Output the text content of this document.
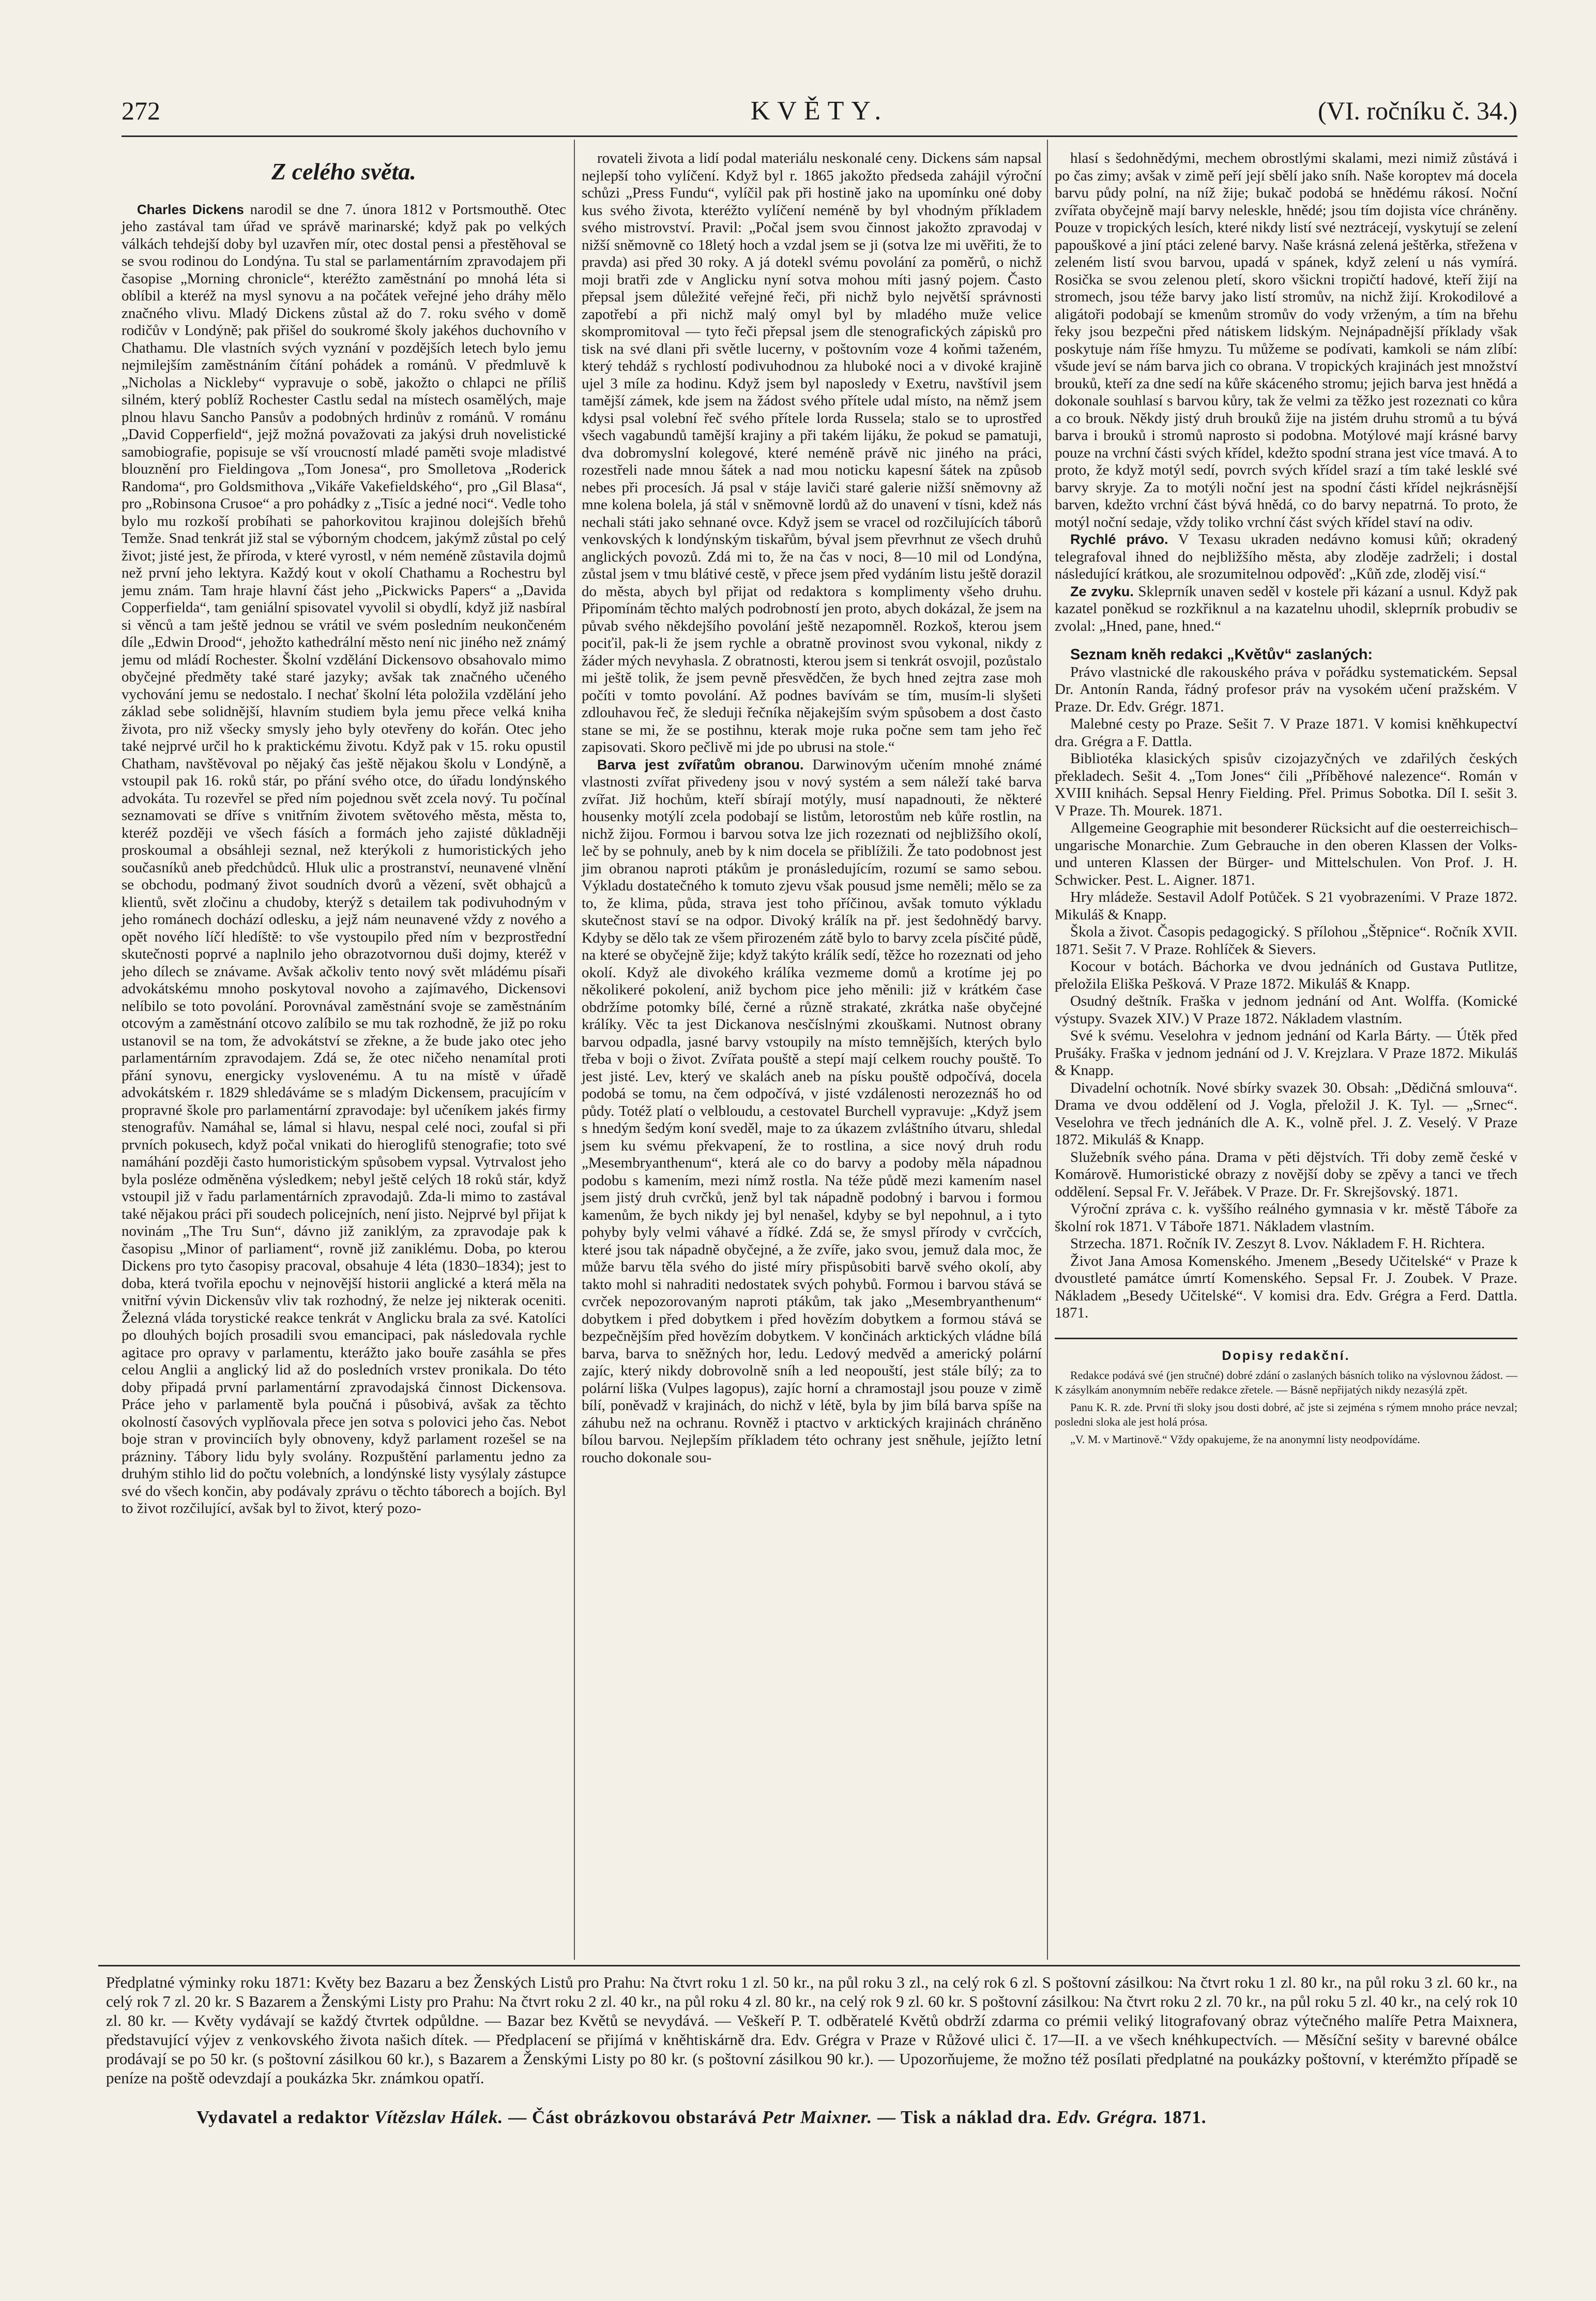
272	KVĚTY.	(VI. ročníku č. 34.)
Z celého světa.

Charles Dickens narodil se dne 7. února 1812 v Portsmouthě. Otec jeho zastával tam úřad ve správě marinarské; když pak po velkých válkách tehdejší doby byl uzavřen mír, otec dostal pensi a přestěhoval se se svou rodinou do Londýna. Tu stal se parlamentárním zpravodajem při časopise „Morning chronicle“, kteréžto zaměstnání po mnohá léta si oblíbil a kteréž na mysl synovu a na počátek veřejné jeho dráhy mělo značného vlivu. Mladý Dickens zůstal až do 7. roku svého v domě rodičův v Londýně; pak přišel do soukromé školy jakéhos duchovního v Chathamu. Dle vlastních svých vyznání v pozdějších letech bylo jemu nejmilejším zaměstnáním čítání pohádek a románů. V předmluvě k „Nicholas a Nickleby“ vypravuje o sobě, jakožto o chlapci ne příliš silném, který poblíž Rochester Castlu sedal na místech osamělých, maje plnou hlavu Sancho Pansův a podobných hrdinův z románů. V románu „David Copperfield“, jejž možná považovati za jakýsi druh novelistické samobiografie, popisuje se vší vroucností mladé paměti svoje mladistvé blouznění pro Fieldingova „Tom Jonesa“, pro Smolletova „Roderick Randoma“, pro Goldsmithova „Vikáře Vakefieldského“, pro „Gil Blasa“, pro „Robinsona Crusoe“ a pro pohádky z „Tisíc a jedné noci“. Vedle toho bylo mu rozkoší probíhati se pahorkovitou krajinou dolejších břehů Temže. Snad tenkrát již stal se výborným chodcem, jakýmž zůstal po celý život; jisté jest, že příroda, v které vyrostl, v ném neméně zůstavila dojmů než první jeho lektyra. Každý kout v okolí Chathamu a Rochestru byl jemu znám. Tam hraje hlavní část jeho „Pickwicks Papers“ a „Davida Copperfielda“, tam geniální spisovatel vyvolil si obydlí, když již nasbíral si věnců a tam ještě jednou se vrátil ve svém posledním neukončeném díle „Edwin Drood“, jehožto kathedrální město není nic jiného než známý jemu od mládí Rochester. Školní vzdělání Dickensovo obsahovalo mimo obyčejné předměty také staré jazyky; avšak tak značného učeného vychování jemu se nedostalo. I nechať školní léta položila vzdělání jeho základ sebe solidnější, hlavním studiem byla jemu přece velká kniha života, pro niž všecky smysly jeho byly otevřeny do kořán. Otec jeho také nejprvé určil ho k praktickému životu. Když pak v 15. roku opustil Chatham, navštěvoval po nějaký čas ještě nějakou školu v Londýně, a vstoupil pak 16. roků stár, po přání svého otce, do úřadu londýnského advokáta. Tu rozevřel se před ním pojednou svět zcela nový. Tu počínal seznamovati se dříve s vnitřním životem světového města, města to, kteréž později ve všech fásích a formách jeho zajisté důkladněji proskoumal a obsáhleji seznal, než kterýkoli z humoristických jeho současníků aneb předchůdců. Hluk ulic a prostranství, neunavené vlnění se obchodu, podmaný život soudních dvorů a vězení, svět obhajců a klientů, svět zločinu a chudoby, kterýž s detailem tak podivuhodným v jeho románech dochází odlesku, a jejž nám neunavené vždy z nového a opět nového líčí hledíště: to vše vystoupilo před ním v bezprostřední skutečnosti poprvé a naplnilo jeho obrazotvornou duši dojmy, kteréž v jeho dílech se znávame. Avšak ačkoliv tento nový svět mládému písaři advokátskému mnoho poskytoval novoho a zajímavého, Dickensovi nelíbilo se toto povolání. Porovnával zaměstnání svoje se zaměstnáním otcovým a zaměstnání otcovo zalíbilo se mu tak rozhodně, že již po roku ustanovil se na tom, že advokátství se zřekne, a že bude jako otec jeho parlamentárním zpravodajem. Zdá se, že otec ničeho nenamítal proti přání synovu, energicky vyslovenému. A tu na místě v úřadě advokátském r. 1829 shledáváme se s mladým Dickensem, pracujícím v propravné škole pro parlamentární zpravodaje: byl učeníkem jakés firmy stenografův. Namáhal se, lámal si hlavu, nespal celé noci, zoufal si při prvních pokusech, když počal vnikati do hieroglifů stenografie; toto své namáhání později často humoristickým spůsobem vypsal. Vytrvalost jeho byla posléze odměněna výsledkem; nebyl ještě celých 18 roků stár, když vstoupil již v řadu parlamentárních zpravodajů. Zda-li mimo to zastával také nějakou práci při soudech policejních, není jisto. Nejprvé byl přijat k novinám „The Tru Sun“, dávno již zaniklým, za zpravodaje pak k časopisu „Minor of parliament“, rovně již zaniklému. Doba, po kterou Dickens pro tyto časopisy pracoval, obsahuje 4 léta (1830–1834); jest to doba, která tvořila epochu v nejnovější historii anglické a která měla na vnitřní vývin Dickensův vliv tak rozhodný, že nelze jej nikterak oceniti. Železná vláda torystické reakce tenkrát v Anglicku brala za své. Katolíci po dlouhých bojích prosadili svou emancipaci, pak následovala rychle agitace pro opravy v parlamentu, kterážto jako bouře zasáhla se přes celou Anglii a anglický lid až do posledních vrstev pronikala. Do této doby připadá první parlamentární zpravodajská činnost Dickensova. Práce jeho v parlamentě byla poučná i působivá, avšak za těchto okolností časových vyplňovala přece jen sotva s polovici jeho čas. Nebot boje stran v provinciích byly obnoveny, když parlament rozešel se na prázniny. Tábory lidu byly svolány. Rozpuštění parlamentu jedno za druhým stihlo lid do počtu volebních, a londýnské listy vysýlaly zástupce své do všech končin, aby podávaly zprávu o těchto táborech a bojích. Byl to život rozčilující, avšak byl to život, který pozo-

rovateli života a lidí podal materiálu neskonalé ceny. Dickens sám napsal nejlepší toho vylíčení. Když byl r. 1865 jakožto předseda zahájil výroční schůzi „Press Fundu“, vylíčil pak při hostině jako na upomínku oné doby kus svého života, kteréžto vylíčení neméně by byl vhodným příkladem svého mistrovství. Pravil: „Počal jsem svou činnost jakožto zpravodaj v nižší sněmovně co 18letý hoch a vzdal jsem se ji (sotva lze mi uvěřiti, že to pravda) asi před 30 roky. A já dotekl svému povolání za poměrů, o nichž moji bratři zde v Anglicku nyní sotva mohou míti jasný pojem. Často přepsal jsem důležité veřejné řeči, při nichž bylo největší správnosti zapotřebí a při nichž malý omyl byl by mladého muže velice skompromitoval — tyto řeči přepsal jsem dle stenografických zápisků pro tisk na své dlani při světle lucerny, v poštovním voze 4 koňmi taženém, který tehdáž s rychlostí podivuhodnou za hluboké noci a v divoké krajině ujel 3 míle za hodinu. Když jsem byl naposledy v Exetru, navštívil jsem tamější zámek, kde jsem na žádost svého přítele udal místo, na němž jsem kdysi psal volební řeč svého přítele lorda Russela; stalo se to uprostřed všech vagabundů tamější krajiny a při takém lijáku, že pokud se pamatuji, dva dobromyslní kolegové, které neméně právě nic jiného na práci, rozestřeli nade mnou šátek a nad mou noticku kapesní šátek na způsob nebes při procesích. Já psal v stáje laviči staré galerie nižší sněmovny až mne kolena bolela, já stál v sněmovně lordů až do unavení v tísni, kdež nás nechali státi jako sehnané ovce. Když jsem se vracel od rozčilujících táborů venkovských k londýnským tiskařům, býval jsem převrhnut ze všech druhů anglických povozů. Zdá mi to, že na čas v noci, 8—10 mil od Londýna, zůstal jsem v tmu blátivé cestě, v přece jsem před vydáním listu ještě dorazil do města, abych byl přijat od redaktora s komplimenty všeho druhu. Připomínám těchto malých podrobností jen proto, abych dokázal, že jsem na půvab svého někdejšího povolání ještě nezapomněl. Rozkoš, kterou jsem pociťil, pak-li že jsem rychle a obratně provinost svou vykonal, nikdy z žáder mých nevyhasla. Z obratnosti, kterou jsem si tenkrát osvojil, pozůstalo mi ještě tolik, že jsem pevně přesvědčen, že bych hned zejtra zase moh počíti v tomto povolání. Až podnes bavívám se tím, musím-li slyšeti zdlouhavou řeč, že sleduji řečníka nějakejším svým spůsobem a dost často stane se mi, že se postihnu, kterak moje ruka počne sem tam jeho řeč zapisovati. Skoro pečlivě mi jde po ubrusi na stole.“

Barva jest zvířatům obranou. Darwinovým učením mnohé známé vlastnosti zvířat přivedeny jsou v nový systém a sem náleží také barva zvířat. Již hochům, kteří sbírají motýly, musí napadnouti, že některé housenky motýlí zcela podobají se listům, letorostům neb kůře rostlin, na nichž žijou. Formou i barvou sotva lze jich rozeznati od nejbližšího okolí, leč by se pohnuly, aneb by k nim docela se přiblížili. Že tato podobnost jest jim obranou naproti ptákům je pronásledujícím, rozumí se samo sebou. Výkladu dostatečného k tomuto zjevu však pousud jsme neměli; mělo se za to, že klima, půda, strava jest toho příčinou, avšak tomuto výkladu skutečnost staví se na odpor. Divoký králík na př. jest šedohnědý barvy. Kdyby se dělo tak ze všem přirozeném zátě bylo to barvy zcela písčité půdě, na které se obyčejně žije; když takýto králík sedí, těžce ho rozeznati od jeho okolí. Když ale divokého králíka vezmeme domů a krotíme jej po několikeré pokolení, aniž bychom pice jeho měnili: již v krátkém čase obdržíme potomky bílé, černé a různě strakaté, zkrátka naše obyčejné králíky. Věc ta jest Dickanova nesčíslnými zkouškami. Nutnost obrany barvou odpadla, jasné barvy vstoupily na místo temnějších, kterých bylo třeba v boji o život. Zvířata pouště a stepí mají celkem rouchy pouště. To jest jisté. Lev, který ve skalách aneb na písku pouště odpočívá, docela podobá se tomu, na čem odpočívá, v jisté vzdálenosti nerozeznáš ho od půdy. Totéž platí o velbloudu, a cestovatel Burchell vypravuje: „Když jsem s hnedým šedým koní sveděl, maje to za úkazem zvláštního útvaru, shledal jsem ku svému překvapení, že to rostlina, a sice nový druh rodu „Mesembryanthenum“, která ale co do barvy a podoby měla nápadnou podobu s kamením, mezi nímž rostla. Na téže půdě mezi kamením nasel jsem jistý druh cvrčků, jenž byl tak nápadně podobný i barvou i formou kamenům, že bych nikdy jej byl nenašel, kdyby se byl nepohnul, a i tyto pohyby byly velmi váhavé a řídké. Zdá se, že smysl přírody v cvrčcích, které jsou tak nápadně obyčejné, a že zvíře, jako svou, jemuž dala moc, že může barvu těla svého do jisté míry přispůsobiti barvě svého okolí, aby takto mohl si nahraditi nedostatek svých pohybů. Formou i barvou stává se cvrček nepozorovaným naproti ptákům, tak jako „Mesembryanthenum“ dobytkem i před dobytkem i před hovězím dobytkem a formou stává se bezpečnějším před hovězím dobytkem. V končinách arktických vládne bílá barva, barva to sněžných hor, ledu. Ledový medvěd a americký polární zajíc, který nikdy dobrovolně sníh a led neopouští, jest stále bílý; za to polární liška (Vulpes lagopus), zajíc horní a chramostajl jsou pouze v zimě bílí, poněvadž v krajinách, do nichž v létě, byla by jim bílá barva spíše na záhubu než na ochranu. Rovněž i ptactvo v arktických krajinách chráněno bílou barvou. Nejlepším příkladem této ochrany jest sněhule, jejížto letní roucho dokonale sou-

hlasí s šedohnědými, mechem obrostlými skalami, mezi nimiž zůstává i po čas zimy; avšak v zimě peří její sbělí jako sníh. Naše koroptev má docela barvu půdy polní, na níž žije; bukač podobá se hnědému rákosí. Noční zvířata obyčejně mají barvy neleskle, hnědé; jsou tím dojista více chráněny. Pouze v tropických lesích, které nikdy listí své neztrácejí, vyskytují se zelení papouškové a jiní ptáci zelené barvy. Naše krásná zelená ještěrka, střežena v zeleném listí svou barvou, upadá v spánek, když zelení u nás vymírá. Rosička se svou zelenou pletí, skoro všickni tropičtí hadové, kteří žijí na stromech, jsou téže barvy jako listí stromův, na nichž žijí. Krokodilové a aligátoři podobají se kmenům stromův do vody vrženým, a tím na břehu řeky jsou bezpečni před nátiskem lidským. Nejnápadnější příklady však poskytuje nám říše hmyzu. Tu můžeme se podívati, kamkoli se nám zlíbí: všude jeví se nám barva jich co obrana. V tropických krajinách jest množství brouků, kteří za dne sedí na kůře skáceného stromu; jejich barva jest hnědá a dokonale souhlasí s barvou kůry, tak že velmi za těžko jest rozeznati co kůra a co brouk. Někdy jistý druh brouků žije na jistém druhu stromů a tu bývá barva i brouků i stromů naprosto si podobna. Motýlové mají krásné barvy pouze na vrchní části svých křídel, kdežto spodní strana jest více tmavá. A to proto, že když motýl sedí, povrch svých křídel srazí a tím také lesklé své barvy skryje. Za to motýli noční jest na spodní části křídel nejkrásnější barven, kdežto vrchní část bývá hnědá, co do barvy nepatrná. To proto, že motýl noční sedaje, vždy toliko vrchní část svých křídel staví na odiv.

Rychlé právo. V Texasu ukraden nedávno komusi kůň; okradený telegrafoval ihned do nejbližšího města, aby zloděje zadrželi; i dostal následující krátkou, ale srozumitelnou odpověď: „Kůň zde, zloděj visí.“

Ze zvyku. Skleprník unaven seděl v kostele při kázaní a usnul. Když pak kazatel poněkud se rozkřiknul a na kazatelnu uhodil, skleprník probudiv se zvolal: „Hned, pane, hned.“

Seznam kněh redakci „Květův“ zaslaných:

Právo vlastnické dle rakouského práva v pořádku systematickém. Sepsal Dr. Antonín Randa, řádný profesor práv na vysokém učení pražském. V Praze. Dr. Edv. Grégr. 1871.

Malebné cesty po Praze. Sešit 7. V Praze 1871. V komisi kněhkupectví dra. Grégra a F. Dattla.

Bibliotéka klasických spisův cizojazyčných ve zdařilých českých překladech. Sešit 4. „Tom Jones“ čili „Příběhové nalezence“. Román v XVIII knihách. Sepsal Henry Fielding. Přel. Primus Sobotka. Díl I. sešit 3. V Praze. Th. Mourek. 1871.

Allgemeine Geographie mit besonderer Rücksicht auf die oesterreichisch–ungarische Monarchie. Zum Gebrauche in den oberen Klassen der Volks- und unteren Klassen der Bürger- und Mittelschulen. Von Prof. J. H. Schwicker. Pest. L. Aigner. 1871.

Hry mládeže. Sestavil Adolf Potůček. S 21 vyobrazeními. V Praze 1872. Mikuláš & Knapp.

Škola a život. Časopis pedagogický. S přílohou „Štěpnice“. Ročník XVII. 1871. Sešit 7. V Praze. Rohlíček & Sievers.

Kocour v botách. Báchorka ve dvou jednáních od Gustava Putlitze, přeložila Eliška Pešková. V Praze 1872. Mikuláš & Knapp.

Osudný deštník. Fraška v jednom jednání od Ant. Wolffa. (Komické výstupy. Svazek XIV.) V Praze 1872. Nákladem vlastním.

Své k svému. Veselohra v jednom jednání od Karla Bárty. — Útěk před Prušáky. Fraška v jednom jednání od J. V. Krejzlara. V Praze 1872. Mikuláš & Knapp.

Divadelní ochotník. Nové sbírky svazek 30. Obsah: „Dědičná smlouva“. Drama ve dvou oddělení od J. Vogla, přeložil J. K. Tyl. — „Srnec“. Veselohra ve třech jednáních dle A. K., volně přel. J. Z. Veselý. V Praze 1872. Mikuláš & Knapp.

Služebník svého pána. Drama v pěti dějstvích. Tři doby země české v Komárově. Humoristické obrazy z novější doby se zpěvy a tanci ve třech oddělení. Sepsal Fr. V. Jeřábek. V Praze. Dr. Fr. Skrejšovský. 1871.

Výroční zpráva c. k. vyššího reálného gymnasia v kr. městě Táboře za školní rok 1871. V Táboře 1871. Nákladem vlastním.

Strzecha. 1871. Ročník IV. Zeszyt 8. Lvov. Nákladem F. H. Richtera.

Život Jana Amosa Komenského. Jmenem „Besedy Učitelské“ v Praze k dvoustleté památce úmrtí Komenského. Sepsal Fr. J. Zoubek. V Praze. Nákladem „Besedy Učitelské“. V komisi dra. Edv. Grégra a Ferd. Dattla. 1871.

Dopisy redakční.

Redakce podává své (jen stručné) dobré zdání o zaslaných básních toliko na výslovnou žádost. — K zásylkám anonymním neběře redakce zřetele. — Básně nepřijatých nikdy nezasýlá zpět.

Panu K. R. zde. První tři sloky jsou dosti dobré, ač jste si zejména s rýmem mnoho práce nevzal; posledni sloka ale jest holá prósa.

„V. M. v Martinově.“ Vždy opakujeme, že na anonymní listy neodpovídáme.

Předplatné výminky roku 1871: Květy bez Bazaru a bez Ženských Listů pro Prahu: Na čtvrt roku 1 zl. 50 kr., na půl roku 3 zl., na celý rok 6 zl. S poštovní zásilkou: Na čtvrt roku 1 zl. 80 kr., na půl roku 3 zl. 60 kr., na celý rok 7 zl. 20 kr. S Bazarem a Ženskými Listy pro Prahu: Na čtvrt roku 2 zl. 40 kr., na půl roku 4 zl. 80 kr., na celý rok 9 zl. 60 kr. S poštovní zásilkou: Na čtvrt roku 2 zl. 70 kr., na půl roku 5 zl. 40 kr., na celý rok 10 zl. 80 kr. — Květy vydávají se každý čtvrtek odpůldne. — Bazar bez Květů se nevydává. — Veškeří P. T. odběratelé Květů obdrží zdarma co prémii veliký litografovaný obraz výtečného malíře Petra Maixnera, představující výjev z venkovského života našich dítek. — Předplacení se přijímá v kněhtiskárně dra. Edv. Grégra v Praze v Růžové ulici č. 17—II. a ve všech knéhkupectvích. — Měsíční sešity v barevné obálce prodávají se po 50 kr. (s poštovní zásilkou 60 kr.), s Bazarem a Ženskými Listy po 80 kr. (s poštovní zásilkou 90 kr.). — Upozorňujeme, že možno též posílati předplatné na poukázky poštovní, v kterémžto případě se peníze na poště odevzdají a poukázka 5kr. známkou opatří.
Vydavatel a redaktor Vítězslav Hálek. — Část obrázkovou obstarává Petr Maixner. — Tisk a náklad dra. Edv. Grégra. 1871.
